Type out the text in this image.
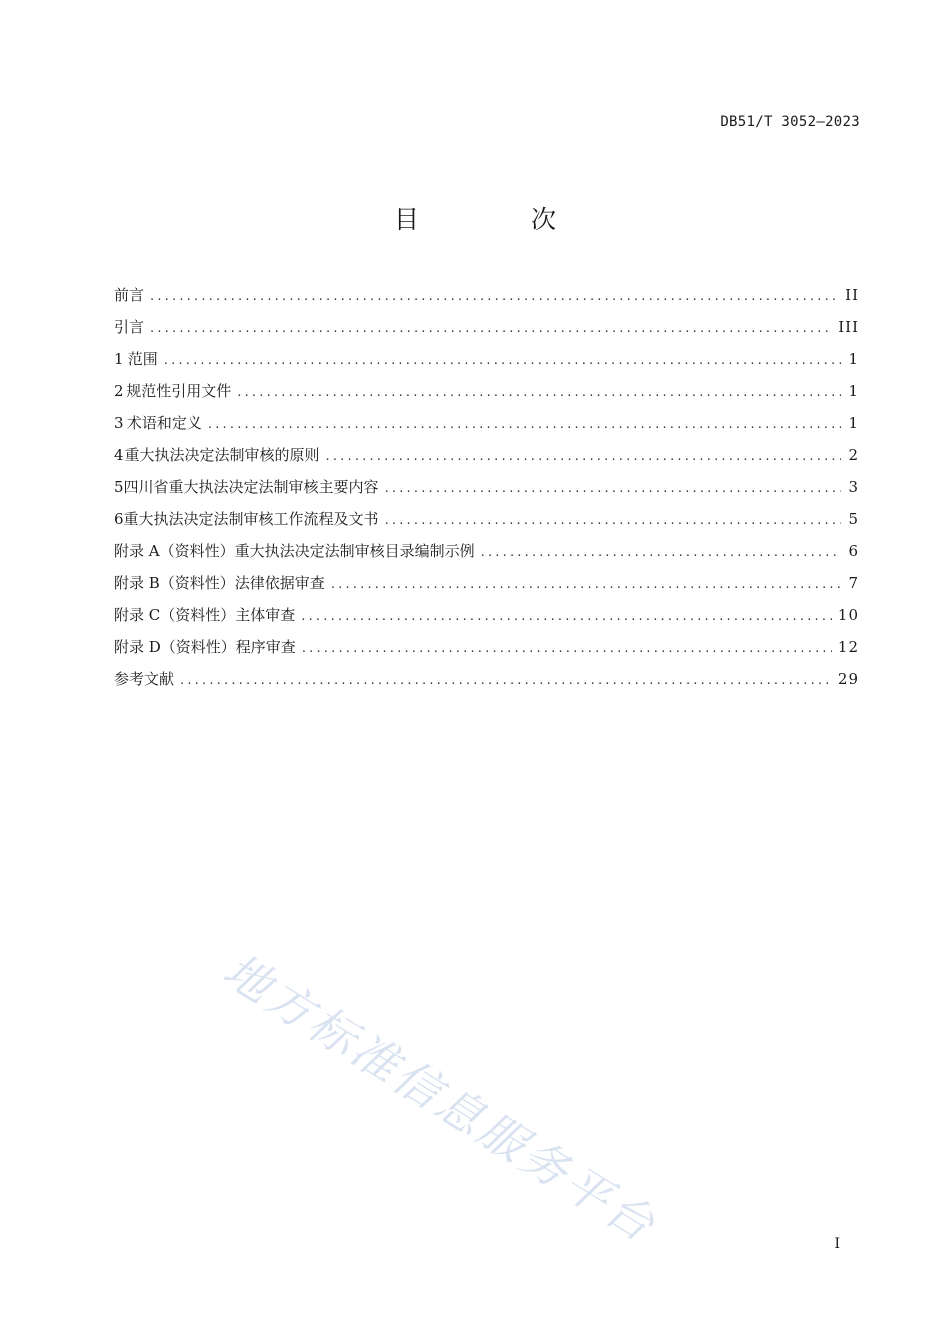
DB51/T 3052—2023
目 次
前言 .....	II
引言 .....	III
1 范围 .....	1
2 规范性引用文件 .....	1
3 术语和定义 .....	1
4 重大执法决定法制审核的原则 .....	2
5 四川省重大执法决定法制审核主要内容 .....	3
6 重大执法决定法制审核工作流程及文书 .....	5
附录 A（资料性） 重大执法决定法制审核目录编制示例 .....	6
附录 B（资料性） 法律依据审查 .....	7
附录 C（资料性） 主体审查 .....	10
附录 D（资料性） 程序审查 .....	12
参考文献 .....	29
地方标准信息服务平台	I
